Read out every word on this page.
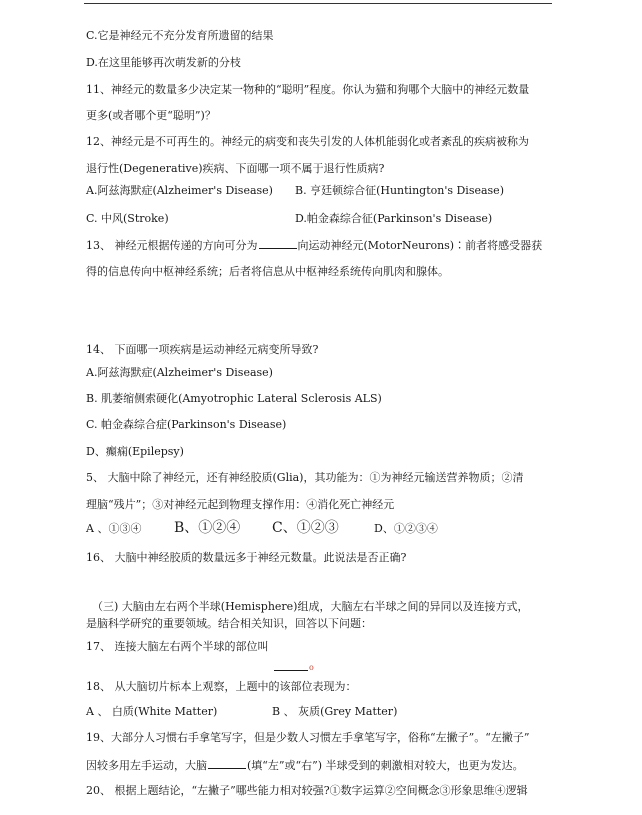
C.它是神经元不充分发育所遗留的结果
D.在这里能够再次萌发新的分枝
11、神经元的数量多少决定某一物种的“聪明”程度。你认为猫和狗哪个大脑中的神经元数量
更多(或者哪个更“聪明”)？
12、神经元是不可再生的。神经元的病变和丧失引发的人体机能弱化或者紊乱的疾病被称为
退行性(Degenerative)疾病、下面哪一项不属于退行性质病?
A.阿兹海默症(Alzheimer's Disease) B. 亨廷顿综合征(Huntington's Disease)
C. 中风(Stroke)	D.帕金森综合征(Parkinson's Disease)
13、 神经元根据传递的方向可分为	向运动神经元(MotorNeurons)∶前者将感受器获
得的信息传向中枢神经系统；后者将信息从中枢神经系统传向肌肉和腺体。
14、 下面哪一项疾病是运动神经元病变所导致?
A.阿兹海默症(Alzheimer's Disease)
B. 肌萎缩侧索硬化(Amyotrophic Lateral Sclerosis ALS)
C. 帕金森综合症(Parkinson's Disease)
D、癫痫(Epilepsy)
5、 大脑中除了神经元，还有神经胶质(Glia)，其功能为：①为神经元输送营养物质；②清
理脑“残片”；③对神经元起到物理支撑作用：④消化死亡神经元
A 、①③④ B、①②④ C、①②③	D、①②③④
16、 大脑中神经胶质的数量远多于神经元数量。此说法是否正确?
（三) 大脑由左右两个半球(Hemisphere)组成，大脑左右半球之间的异同以及连接方式，
是脑科学研究的重要领域。结合相关知识，回答以下问题：
17、 连接大脑左右两个半球的部位叫
o
18、 从大脑切片标本上观察，上题中的该部位表现为：
A 、 白质(White Matter)	B 、 灰质(Grey Matter)
19、大部分人习惯右手拿笔写字，但是少数人习惯左手拿笔写字，俗称“左撇子”。“左撇子”
因较多用左手运动，大脑	(填“左”或“右”) 半球受到的刺激相对较大，也更为发达。
20、 根据上题结论，“左撇子”哪些能力相对较强?①数字运算②空间概念③形象思维④逻辑
